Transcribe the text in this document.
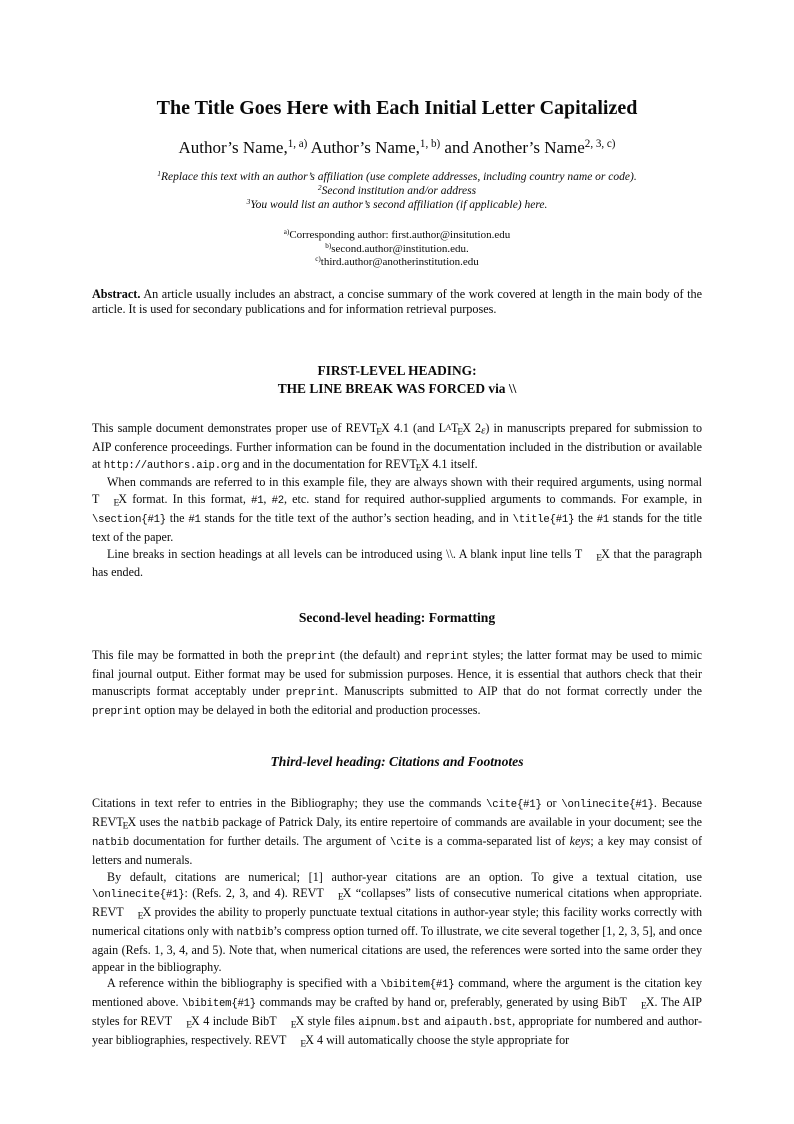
The Title Goes Here with Each Initial Letter Capitalized
Author’s Name,$^{1, a)}$ Author’s Name,$^{1, b)}$ and Another’s Name$^{2, 3, c)}$
$^1$Replace this text with an author’s affiliation (use complete addresses, including country name or code).
$^2$Second institution and/or address
$^3$You would list an author’s second affiliation (if applicable) here.
$^{a)}$Corresponding author: first.author@insitution.edu
$^{b)}$second.author@institution.edu.
$^{c)}$third.author@anotherinstitution.edu
Abstract. An article usually includes an abstract, a concise summary of the work covered at length in the main body of the article. It is used for secondary publications and for information retrieval purposes.
FIRST-LEVEL HEADING:
THE LINE BREAK WAS FORCED via \\
This sample document demonstrates proper use of REVTEX 4.1 (and LATEX 2ε) in manuscripts prepared for submission to AIP conference proceedings. Further information can be found in the documentation included in the distribution or available at http://authors.aip.org and in the documentation for REVTEX 4.1 itself.
When commands are referred to in this example file, they are always shown with their required arguments, using normal T EX format. In this format, #1, #2, etc. stand for required author-supplied arguments to commands. For example, in \section{#1} the #1 stands for the title text of the author’s section heading, and in \title{#1} the #1 stands for the title text of the paper.
Line breaks in section headings at all levels can be introduced using \\. A blank input line tells T EX that the paragraph has ended.
Second-level heading: Formatting
This file may be formatted in both the preprint (the default) and reprint styles; the latter format may be used to mimic final journal output. Either format may be used for submission purposes. Hence, it is essential that authors check that their manuscripts format acceptably under preprint. Manuscripts submitted to AIP that do not format correctly under the preprint option may be delayed in both the editorial and production processes.
Third-level heading: Citations and Footnotes
Citations in text refer to entries in the Bibliography; they use the commands \cite{#1} or \onlinecite{#1}. Because REVTEX uses the natbib package of Patrick Daly, its entire repertoire of commands are available in your document; see the natbib documentation for further details. The argument of \cite is a comma-separated list of keys; a key may consist of letters and numerals.
By default, citations are numerical; [1] author-year citations are an option. To give a textual citation, use \onlinecite{#1}: (Refs. 2, 3, and 4). REVT EX “collapses” lists of consecutive numerical citations when appropriate. REVT EX provides the ability to properly punctuate textual citations in author-year style; this facility works correctly with numerical citations only with natbib’s compress option turned off. To illustrate, we cite several together [1, 2, 3, 5], and once again (Refs. 1, 3, 4, and 5). Note that, when numerical citations are used, the references were sorted into the same order they appear in the bibliography.
A reference within the bibliography is specified with a \bibitem{#1} command, where the argument is the citation key mentioned above. \bibitem{#1} commands may be crafted by hand or, preferably, generated by using BibT EX. The AIP styles for REVT EX 4 include BibT EX style files aipnum.bst and aipauth.bst, appropriate for numbered and author-year bibliographies, respectively. REVT EX 4 will automatically choose the style appropriate for
